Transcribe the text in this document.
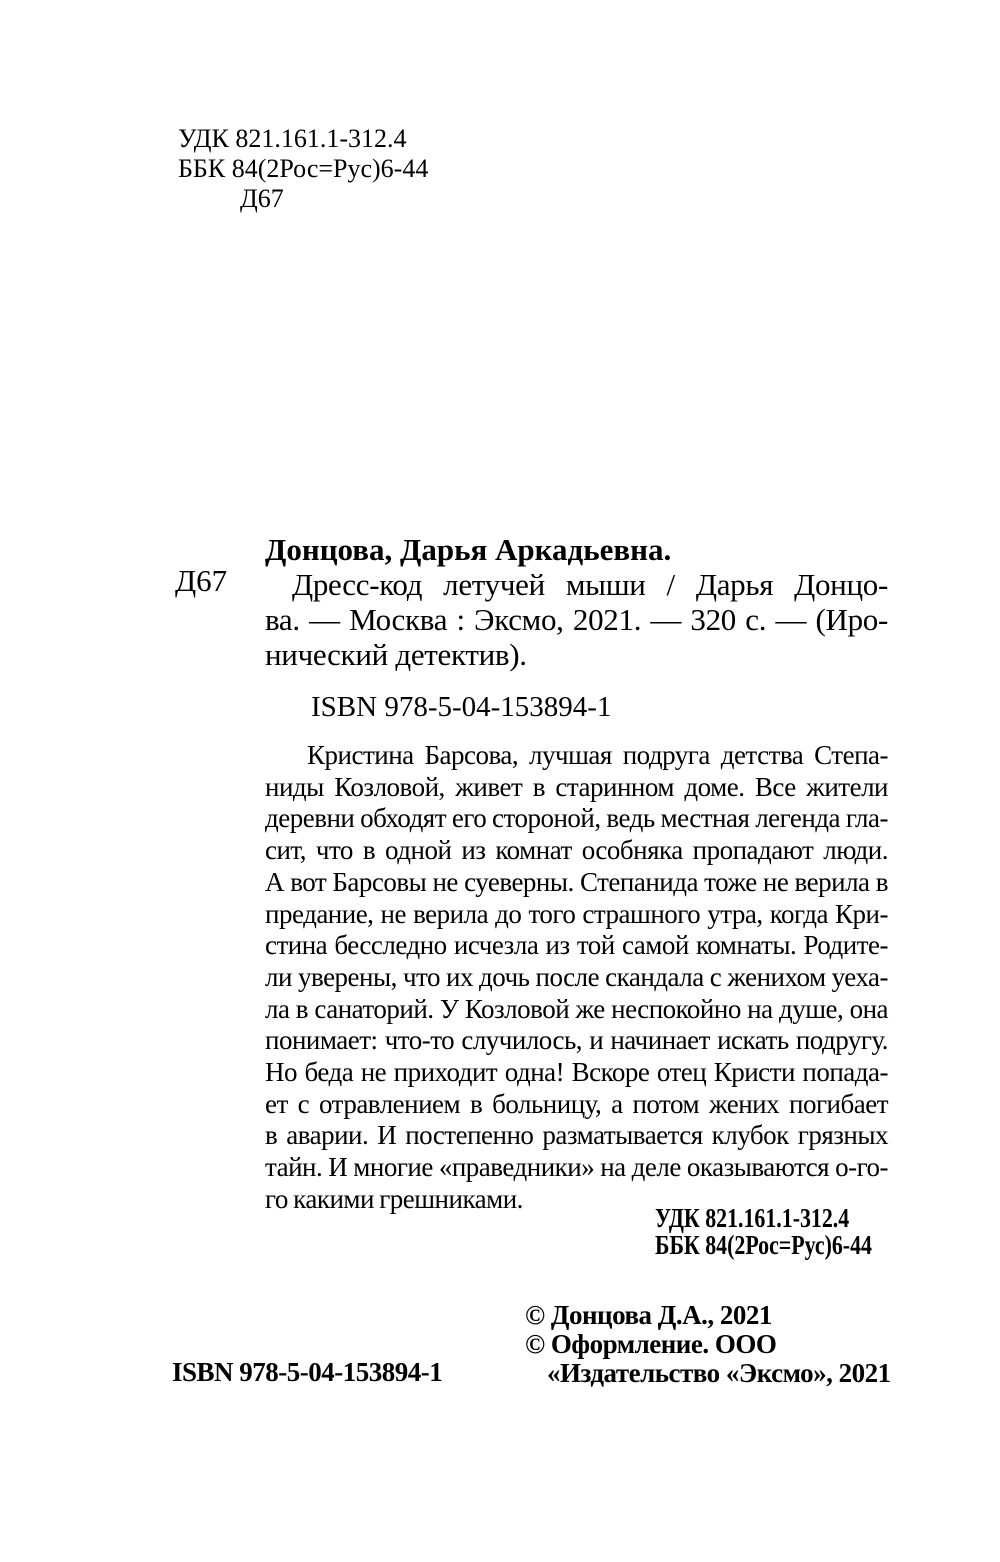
УДК 821.161.1-312.4
ББК 84(2Рос=Рус)6-44
Д67
Д67
Донцова, Дарья Аркадьевна.
Дресс-код летучей мыши / Дарья Донцо-
ва. — Москва : Эксмо, 2021. — 320 с. — (Иро-
нический детектив).
ISBN 978-5-04-153894-1
Кристина Барсова, лучшая подруга детства Степа-
ниды Козловой, живет в старинном доме. Все жители
деревни обходят его стороной, ведь местная легенда гла-
сит, что в одной из комнат особняка пропадают люди.
А вот Барсовы не суеверны. Степанида тоже не верила в
предание, не верила до того страшного утра, когда Кри-
стина бесследно исчезла из той самой комнаты. Родите-
ли уверены, что их дочь после скандала с женихом уеха-
ла в санаторий. У Козловой же неспокойно на душе, она
понимает: что-то случилось, и начинает искать подругу.
Но беда не приходит одна! Вскоре отец Кристи попада-
ет с отравлением в больницу, а потом жених погибает
в аварии. И постепенно разматывается клубок грязных
тайн. И многие «праведники» на деле оказываются о-го-
го какими грешниками.
УДК 821.161.1-312.4
ББК 84(2Рос=Рус)6-44
ISBN 978-5-04-153894-1
© Донцова Д.А., 2021
© Оформление. ООО
«Издательство «Эксмо», 2021
